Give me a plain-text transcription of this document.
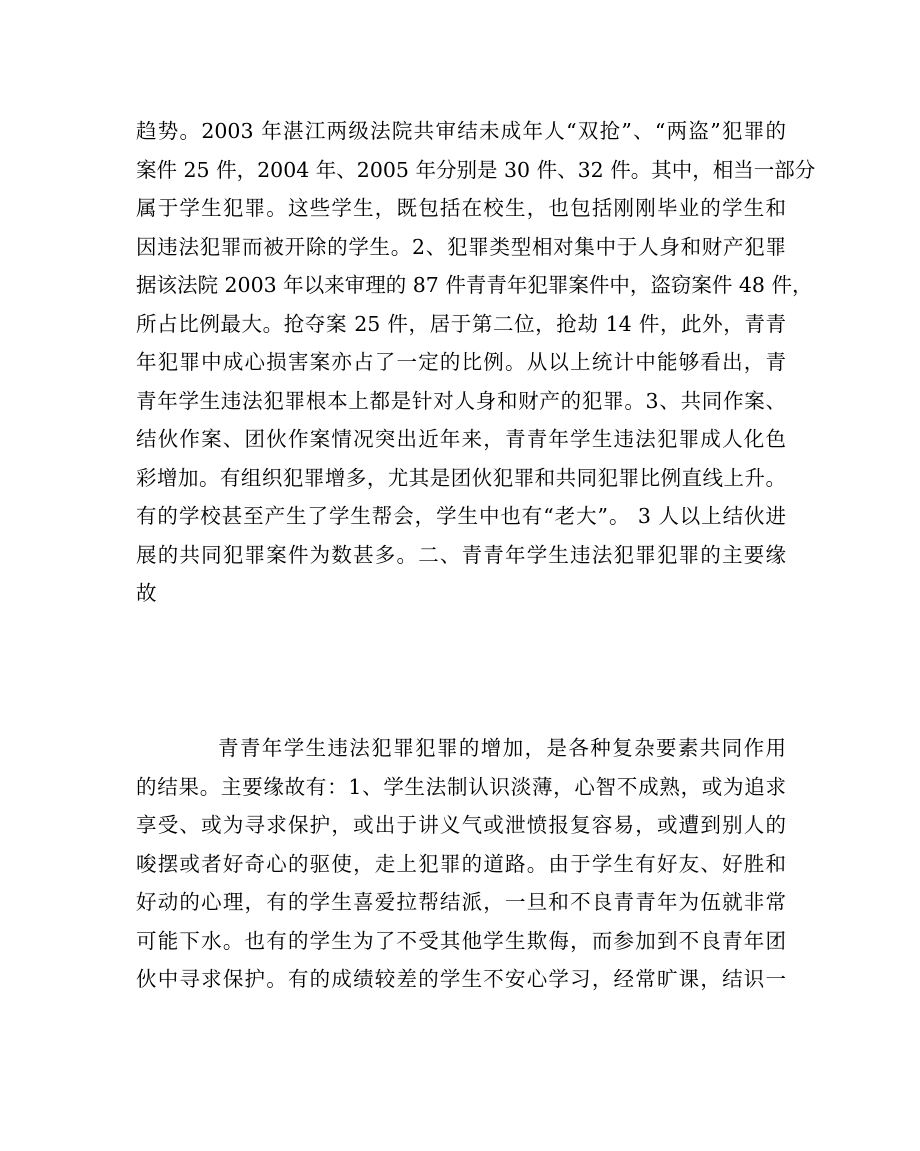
趋势。2003 年湛江两级法院共审结未成年人“双抢”、“两盗”犯罪的
案件 25 件，2004 年、2005 年分别是 30 件、32 件。其中，相当一部分
属于学生犯罪。这些学生，既包括在校生，也包括刚刚毕业的学生和
因违法犯罪而被开除的学生。2、犯罪类型相对集中于人身和财产犯罪
据该法院 2003 年以来审理的 87 件青青年犯罪案件中，盗窃案件 48 件，
所占比例最大。抢夺案 25 件，居于第二位，抢劫 14 件，此外，青青
年犯罪中成心损害案亦占了一定的比例。从以上统计中能够看出，青
青年学生违法犯罪根本上都是针对人身和财产的犯罪。3、共同作案、
结伙作案、团伙作案情况突出近年来，青青年学生违法犯罪成人化色
彩增加。有组织犯罪增多，尤其是团伙犯罪和共同犯罪比例直线上升。
有的学校甚至产生了学生帮会，学生中也有“老大”。 3 人以上结伙进
展的共同犯罪案件为数甚多。二、青青年学生违法犯罪犯罪的主要缘
故
青青年学生违法犯罪犯罪的增加，是各种复杂要素共同作用
的结果。主要缘故有：1、学生法制认识淡薄，心智不成熟，或为追求
享受、或为寻求保护，或出于讲义气或泄愤报复容易，或遭到别人的
唆摆或者好奇心的驱使，走上犯罪的道路。由于学生有好友、好胜和
好动的心理，有的学生喜爱拉帮结派，一旦和不良青青年为伍就非常
可能下水。也有的学生为了不受其他学生欺侮，而参加到不良青年团
伙中寻求保护。有的成绩较差的学生不安心学习，经常旷课，结识一
